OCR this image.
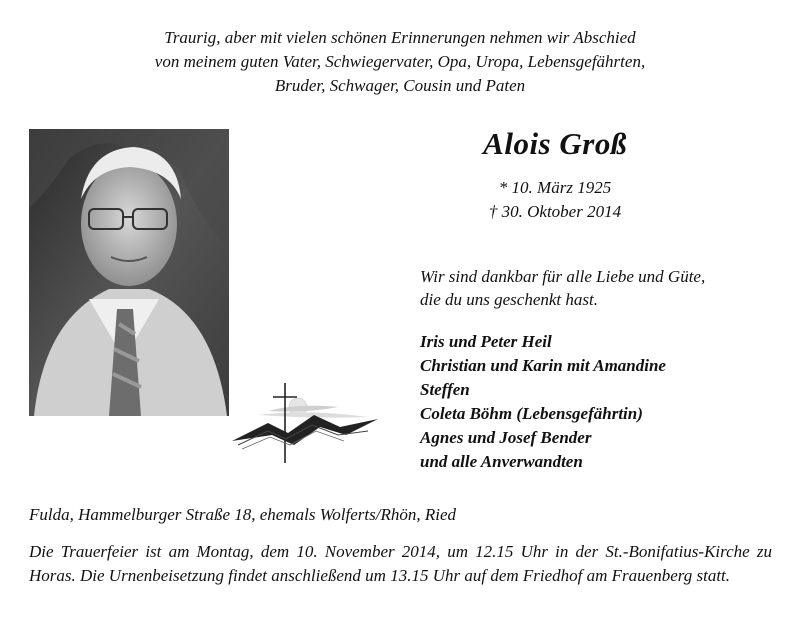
Traurig, aber mit vielen schönen Erinnerungen nehmen wir Abschied
von meinem guten Vater, Schwiegervater, Opa, Uropa, Lebensgefährten,
Bruder, Schwager, Cousin und Paten
Alois Groß
* 10. März 1925
† 30. Oktober 2014
Wir sind dankbar für alle Liebe und Güte,
die du uns geschenkt hast.
Iris und Peter Heil
Christian und Karin mit Amandine
Steffen
Coleta Böhm (Lebensgefährtin)
Agnes und Josef Bender
und alle Anverwandten
Fulda, Hammelburger Straße 18, ehemals Wolferts/Rhön, Ried
Die Trauerfeier ist am Montag, dem 10. November 2014, um 12.15 Uhr in der St.-Bonifatius-Kirche zu Horas. Die Urnenbeisetzung findet anschließend um 13.15 Uhr auf dem Friedhof am Frauenberg statt.
